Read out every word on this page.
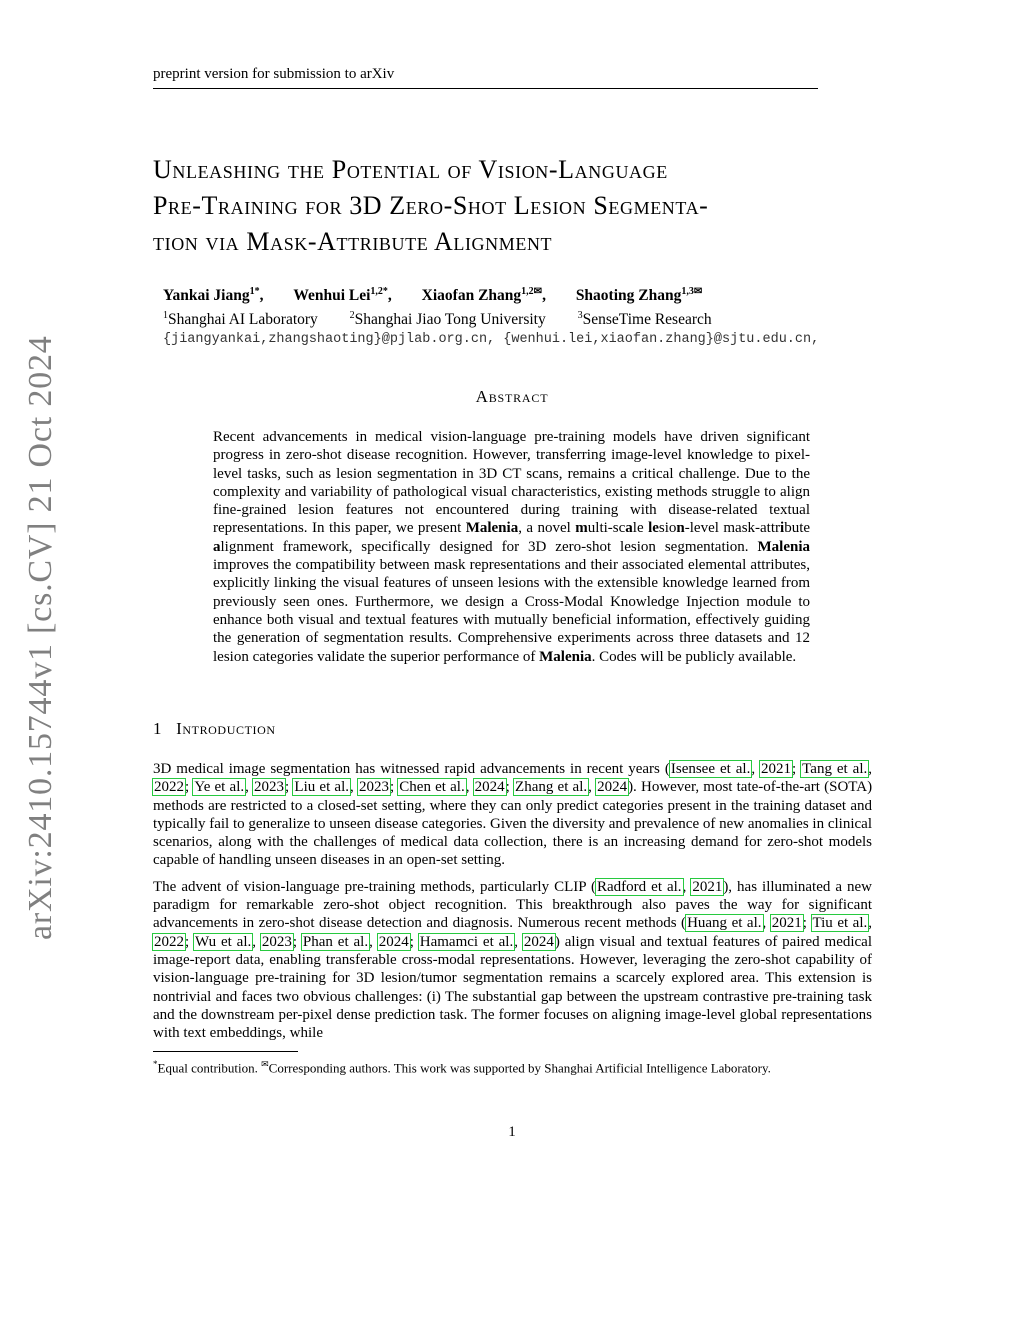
preprint version for submission to arXiv
arXiv:2410.15744v1 [cs.CV] 21 Oct 2024
Unleashing the Potential of Vision-Language
Pre-Training for 3D Zero-Shot Lesion Segmenta-
tion via Mask-Attribute Alignment
Yankai Jiang$^{1*}$, Wenhui Lei$^{1,2*}$, Xiaofan Zhang$^{1,2✉}$, Shaoting Zhang$^{1,3✉}$
$^1$Shanghai AI Laboratory	$^2$Shanghai Jiao Tong University	$^3$SenseTime Research
{jiangyankai,zhangshaoting}@pjlab.org.cn, {wenhui.lei,xiaofan.zhang}@sjtu.edu.cn,
Abstract
Recent advancements in medical vision-language pre-training models have driven significant progress in zero-shot disease recognition. However, transferring image-level knowledge to pixel-level tasks, such as lesion segmentation in 3D CT scans, remains a critical challenge. Due to the complexity and variability of pathological visual characteristics, existing methods struggle to align fine-grained lesion features not encountered during training with disease-related textual representations. In this paper, we present Malenia, a novel multi-scale lesion-level mask-attribute alignment framework, specifically designed for 3D zero-shot lesion segmentation. Malenia improves the compatibility between mask representations and their associated elemental attributes, explicitly linking the visual features of unseen lesions with the extensible knowledge learned from previously seen ones. Furthermore, we design a Cross-Modal Knowledge Injection module to enhance both visual and textual features with mutually beneficial information, effectively guiding the generation of segmentation results. Comprehensive experiments across three datasets and 12 lesion categories validate the superior performance of Malenia. Codes will be publicly available.
1 Introduction

3D medical image segmentation has witnessed rapid advancements in recent years (Isensee et al., 2021; Tang et al., 2022; Ye et al., 2023; Liu et al., 2023; Chen et al., 2024; Zhang et al., 2024). However, most tate-of-the-art (SOTA) methods are restricted to a closed-set setting, where they can only predict categories present in the training dataset and typically fail to generalize to unseen disease categories. Given the diversity and prevalence of new anomalies in clinical scenarios, along with the challenges of medical data collection, there is an increasing demand for zero-shot models capable of handling unseen diseases in an open-set setting.

The advent of vision-language pre-training methods, particularly CLIP (Radford et al., 2021), has illuminated a new paradigm for remarkable zero-shot object recognition. This breakthrough also paves the way for significant advancements in zero-shot disease detection and diagnosis. Numerous recent methods (Huang et al., 2021; Tiu et al., 2022; Wu et al., 2023; Phan et al., 2024; Hamamci et al., 2024) align visual and textual features of paired medical image-report data, enabling transferable cross-modal representations. However, leveraging the zero-shot capability of vision-language pre-training for 3D lesion/tumor segmentation remains a scarcely explored area. This extension is nontrivial and faces two obvious challenges: (i) The substantial gap between the upstream contrastive pre-training task and the downstream per-pixel dense prediction task. The former focuses on aligning image-level global representations with text embeddings, while

*Equal contribution. ✉Corresponding authors. This work was supported by Shanghai Artificial Intelligence Laboratory.
1
